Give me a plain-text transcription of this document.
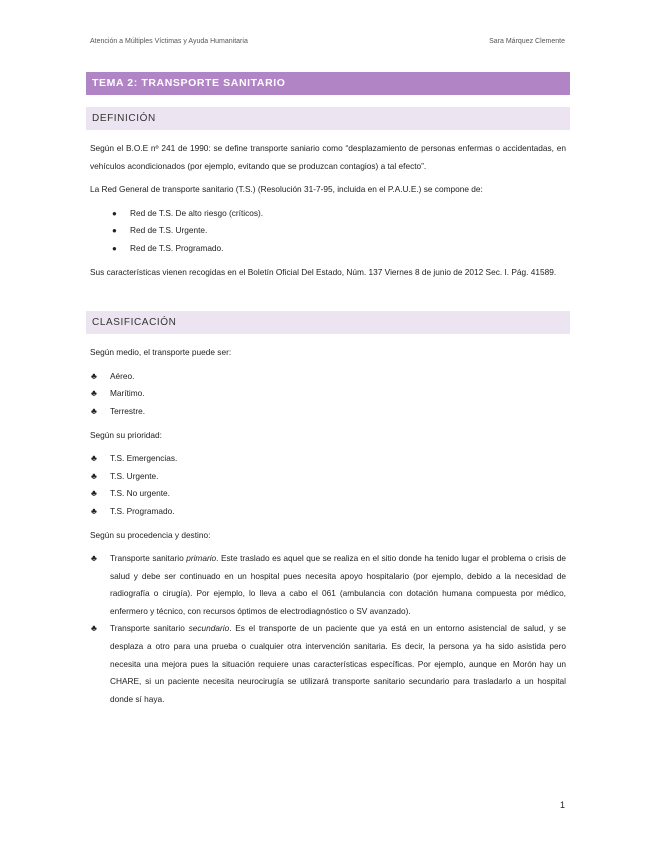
Atención a Múltiples Víctimas y Ayuda Humanitaria	Sara Márquez Clemente
TEMA 2: TRANSPORTE SANITARIO
DEFINICIÓN

Según el B.O.E nº 241 de 1990: se define transporte saniario como “desplazamiento de personas enfermas o accidentadas, en vehículos acondicionados (por ejemplo, evitando que se produzcan contagios) a tal efecto”.

La Red General de transporte sanitario (T.S.) (Resolución 31-7-95, incluida en el P.A.U.E.) se compone de:

● Red de T.S. De alto riesgo (críticos).
● Red de T.S. Urgente.
● Red de T.S. Programado.

Sus características vienen recogidas en el Boletín Oficial Del Estado, Núm. 137 Viernes 8 de junio de 2012 Sec. I. Pág. 41589.

CLASIFICACIÓN

Según medio, el transporte puede ser:

♣ Aéreo.
♣ Marítimo.
♣ Terrestre.

Según su prioridad:

♣ T.S. Emergencias.
♣ T.S. Urgente.
♣ T.S. No urgente.
♣ T.S. Programado.

Según su procedencia y destino:

♣ Transporte sanitario primario. Este traslado es aquel que se realiza en el sitio donde ha tenido lugar el problema o crisis de salud y debe ser continuado en un hospital pues necesita apoyo hospitalario (por ejemplo, debido a la necesidad de radiografía o cirugía). Por ejemplo, lo lleva a cabo el 061 (ambulancia con dotación humana compuesta por médico, enfermero y técnico, con recursos óptimos de electrodiagnóstico o SV avanzado).
♣ Transporte sanitario secundario. Es el transporte de un paciente que ya está en un entorno asistencial de salud, y se desplaza a otro para una prueba o cualquier otra intervención sanitaria. Es decir, la persona ya ha sido asistida pero necesita una mejora pues la situación requiere unas características específicas. Por ejemplo, aunque en Morón hay un CHARE, si un paciente necesita neurocirugía se utilizará transporte sanitario secundario para trasladarlo a un hospital donde sí haya.
1
